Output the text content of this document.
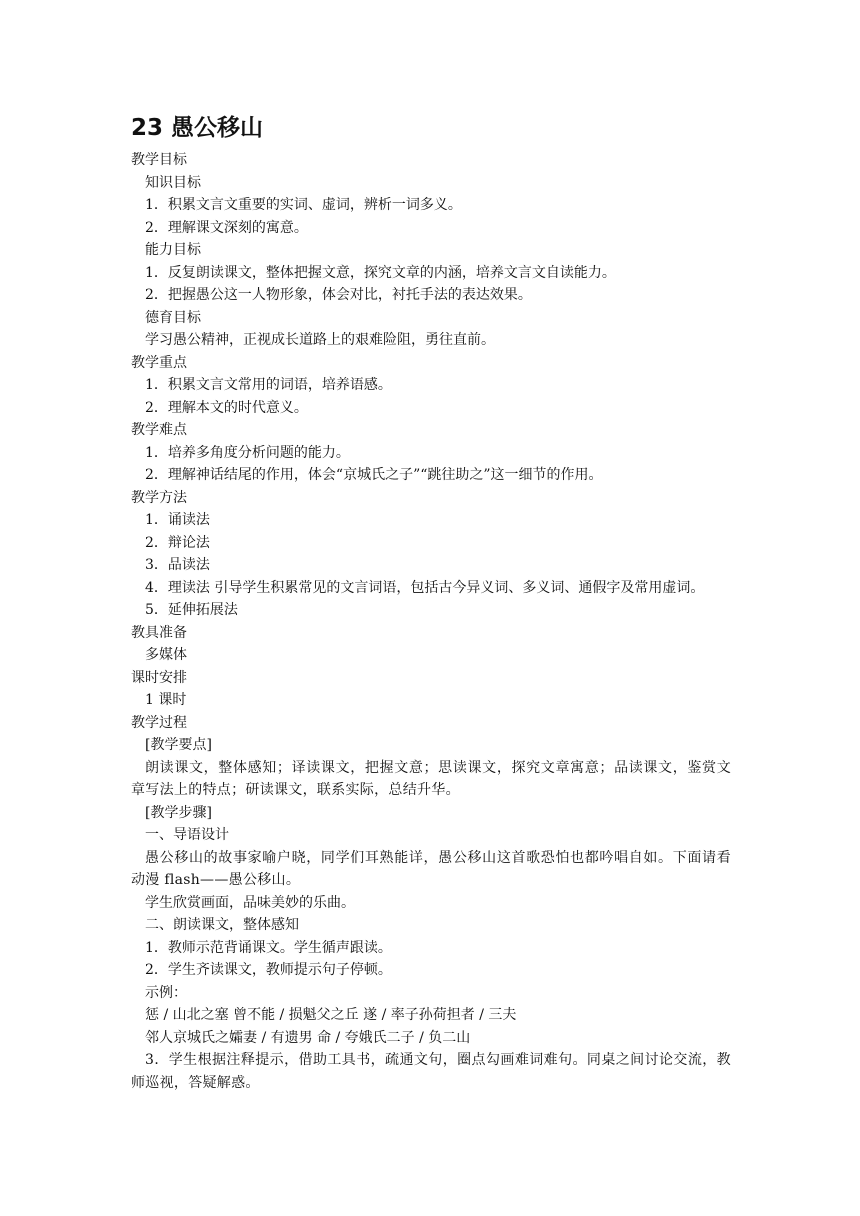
23 愚公移山
教学目标
知识目标
1．积累文言文重要的实词、虚词，辨析一词多义。
2．理解课文深刻的寓意。
能力目标
1．反复朗读课文，整体把握文意，探究文章的内涵，培养文言文自读能力。
2．把握愚公这一人物形象，体会对比，衬托手法的表达效果。
德育目标
学习愚公精神，正视成长道路上的艰难险阻，勇往直前。
教学重点
1．积累文言文常用的词语，培养语感。
2．理解本文的时代意义。
教学难点
1．培养多角度分析问题的能力。
2．理解神话结尾的作用，体会“京城氏之子”“跳往助之”这一细节的作用。
教学方法
1．诵读法
2．辩论法
3．品读法
4．理读法 引导学生积累常见的文言词语，包括古今异义词、多义词、通假字及常用虚词。
5．延伸拓展法
教具准备
多媒体
课时安排
1 课时
教学过程
[教学要点]
朗读课文，整体感知；译读课文，把握文意；思读课文，探究文章寓意；品读课文，鉴赏文章写法上的特点；研读课文，联系实际，总结升华。
[教学步骤]
一、导语设计
愚公移山的故事家喻户晓，同学们耳熟能详，愚公移山这首歌恐怕也都吟唱自如。下面请看动漫 flash——愚公移山。
学生欣赏画面，品味美妙的乐曲。
二、朗读课文，整体感知
1．教师示范背诵课文。学生循声跟读。
2．学生齐读课文，教师提示句子停顿。
示例：
惩 / 山北之塞 曾不能 / 损魁父之丘 遂 / 率子孙荷担者 / 三夫
邻人京城氏之孀妻 / 有遗男 命 / 夸娥氏二子 / 负二山
3．学生根据注释提示，借助工具书，疏通文句，圈点勾画难词难句。同桌之间讨论交流，教师巡视，答疑解惑。
